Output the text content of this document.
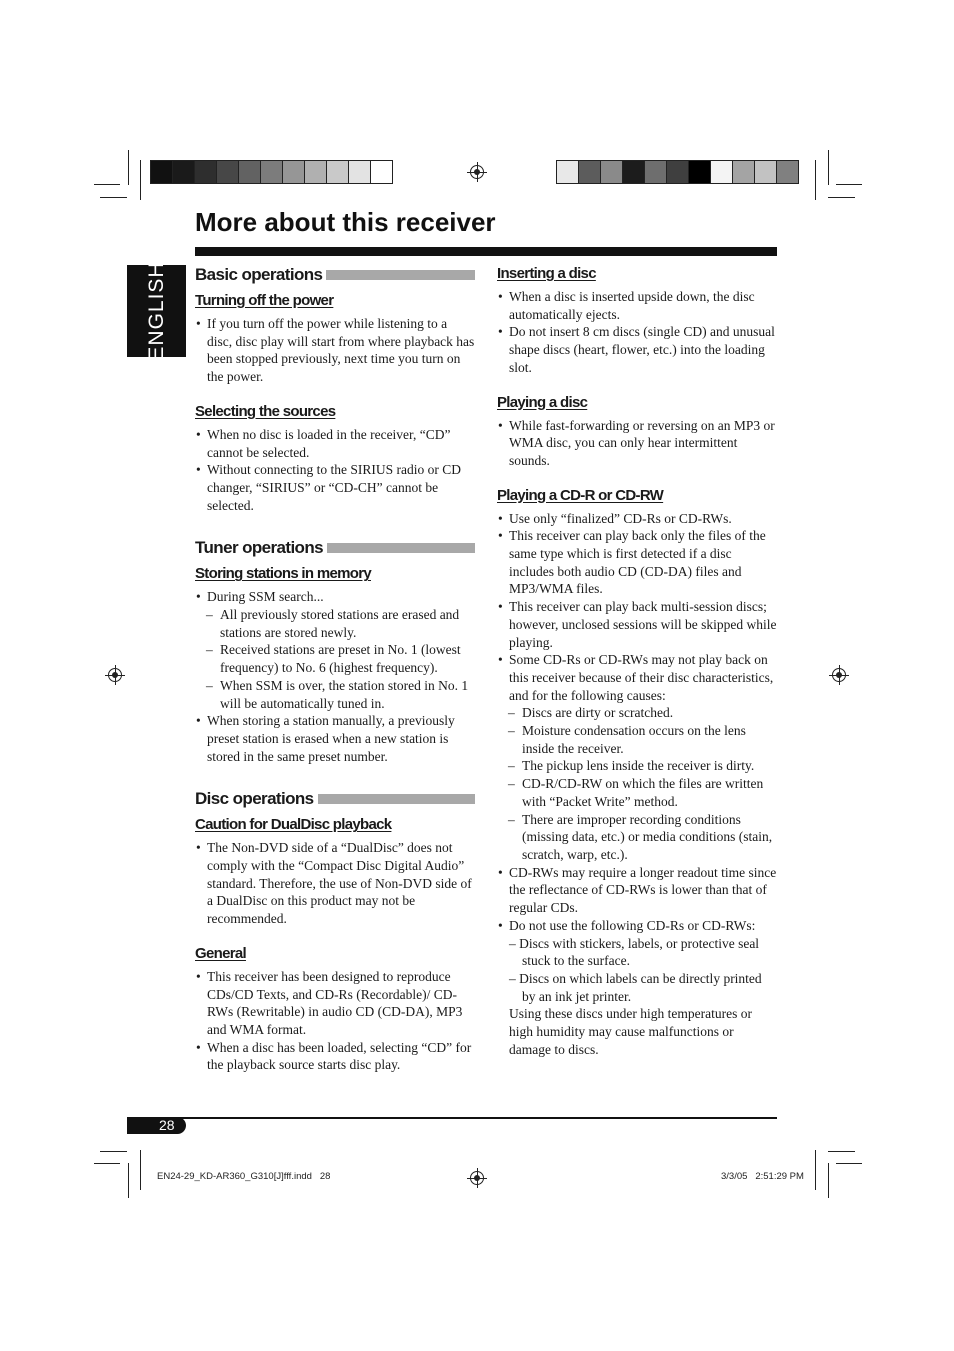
More about this receiver
ENGLISH Basic operations
Turning off the power
• If you turn off the power while listening to a disc, disc play will start from where playback has been stopped previously, next time you turn on the power.
Selecting the sources
• When no disc is loaded in the receiver, “CD” cannot be selected.
• Without connecting to the SIRIUS radio or CD changer, “SIRIUS” or “CD-CH” cannot be selected.
Tuner operations
Storing stations in memory
• During SSM search...
– All previously stored stations are erased and stations are stored newly.
– Received stations are preset in No. 1 (lowest frequency) to No. 6 (highest frequency).
– When SSM is over, the station stored in No. 1 will be automatically tuned in.
• When storing a station manually, a previously preset station is erased when a new station is stored in the same preset number.
Disc operations
Caution for DualDisc playback
• The Non-DVD side of a “DualDisc” does not comply with the “Compact Disc Digital Audio” standard. Therefore, the use of Non-DVD side of a DualDisc on this product may not be recommended.
General
• This receiver has been designed to reproduce CDs/CD Texts, and CD-Rs (Recordable)/ CD-RWs (Rewritable) in audio CD (CD-DA), MP3 and WMA format.
• When a disc has been loaded, selecting “CD” for the playback source starts disc play.
Inserting a disc
• When a disc is inserted upside down, the disc automatically ejects.
• Do not insert 8 cm discs (single CD) and unusual shape discs (heart, flower, etc.) into the loading slot.
Playing a disc
• While fast-forwarding or reversing on an MP3 or WMA disc, you can only hear intermittent sounds.
Playing a CD-R or CD-RW
• Use only “finalized” CD-Rs or CD-RWs.
• This receiver can play back only the files of the same type which is first detected if a disc includes both audio CD (CD-DA) files and MP3/WMA files.
• This receiver can play back multi-session discs; however, unclosed sessions will be skipped while playing.
• Some CD-Rs or CD-RWs may not play back on this receiver because of their disc characteristics, and for the following causes:
– Discs are dirty or scratched.
– Moisture condensation occurs on the lens inside the receiver.
– The pickup lens inside the receiver is dirty.
– CD-R/CD-RW on which the files are written with “Packet Write” method.
– There are improper recording conditions (missing data, etc.) or media conditions (stain, scratch, warp, etc.).
• CD-RWs may require a longer readout time since the reflectance of CD-RWs is lower than that of regular CDs.
• Do not use the following CD-Rs or CD-RWs:
– Discs with stickers, labels, or protective seal stuck to the surface.
– Discs on which labels can be directly printed by an ink jet printer.
Using these discs under high temperatures or high humidity may cause malfunctions or damage to discs.
28
EN24-29_KD-AR360_G310[J]fff.indd   28	3/3/05   2:51:29 PM
